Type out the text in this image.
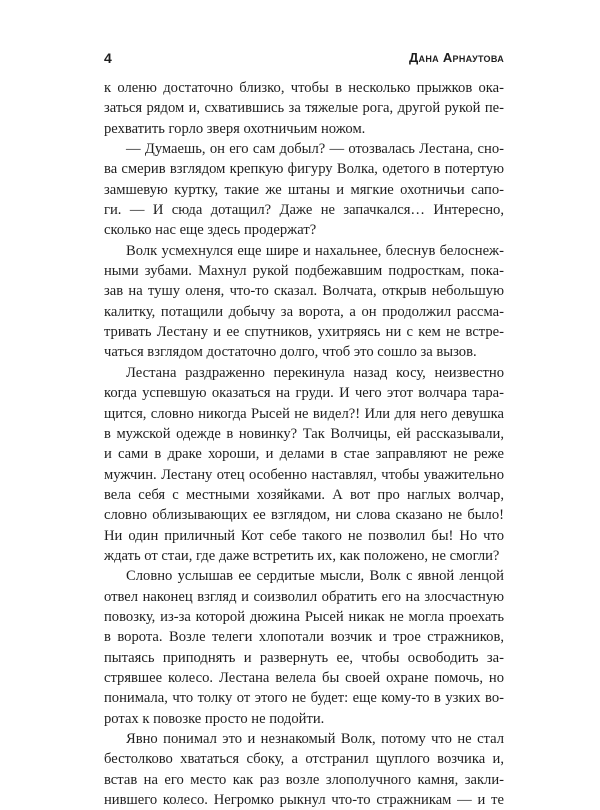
4	Дана Арнаутова

к оленю достаточно близко, чтобы в несколько прыжков ока-
заться рядом и, схватившись за тяжелые рога, другой рукой пе-
рехватить горло зверя охотничьим ножом.

— Думаешь, он его сам добыл? — отозвалась Лестана, сно-
ва смерив взглядом крепкую фигуру Волка, одетого в потертую
замшевую куртку, такие же штаны и мягкие охотничьи сапо-
ги. — И сюда дотащил? Даже не запачкался… Интересно,
сколько нас еще здесь продержат?

Волк усмехнулся еще шире и нахальнее, блеснув белоснеж-
ными зубами. Махнул рукой подбежавшим подросткам, пока-
зав на тушу оленя, что-то сказал. Волчата, открыв небольшую
калитку, потащили добычу за ворота, а он продолжил рассма-
тривать Лестану и ее спутников, ухитряясь ни с кем не встре-
чаться взглядом достаточно долго, чтоб это сошло за вызов.

Лестана раздраженно перекинула назад косу, неизвестно
когда успевшую оказаться на груди. И чего этот волчара тара-
щится, словно никогда Рысей не видел?! Или для него девушка
в мужской одежде в новинку? Так Волчицы, ей рассказывали,
и сами в драке хороши, и делами в стае заправляют не реже
мужчин. Лестану отец особенно наставлял, чтобы уважительно
вела себя с местными хозяйками. А вот про наглых волчар,
словно облизывающих ее взглядом, ни слова сказано не было!
Ни один приличный Кот себе такого не позволил бы! Но что
ждать от стаи, где даже встретить их, как положено, не смогли?

Словно услышав ее сердитые мысли, Волк с явной ленцой
отвел наконец взгляд и соизволил обратить его на злосчастную
повозку, из-за которой дюжина Рысей никак не могла проехать
в ворота. Возле телеги хлопотали возчик и трое стражников,
пытаясь приподнять и развернуть ее, чтобы освободить за-
стрявшее колесо. Лестана велела бы своей охране помочь, но
понимала, что толку от этого не будет: еще кому-то в узких во-
ротах к повозке просто не подойти.

Явно понимал это и незнакомый Волк, потому что не стал
бестолково хвататься сбоку, а отстранил щуплого возчика и,
встав на его место как раз возле злополучного камня, закли-
нившего колесо. Негромко рыкнул что-то стражникам — и те
